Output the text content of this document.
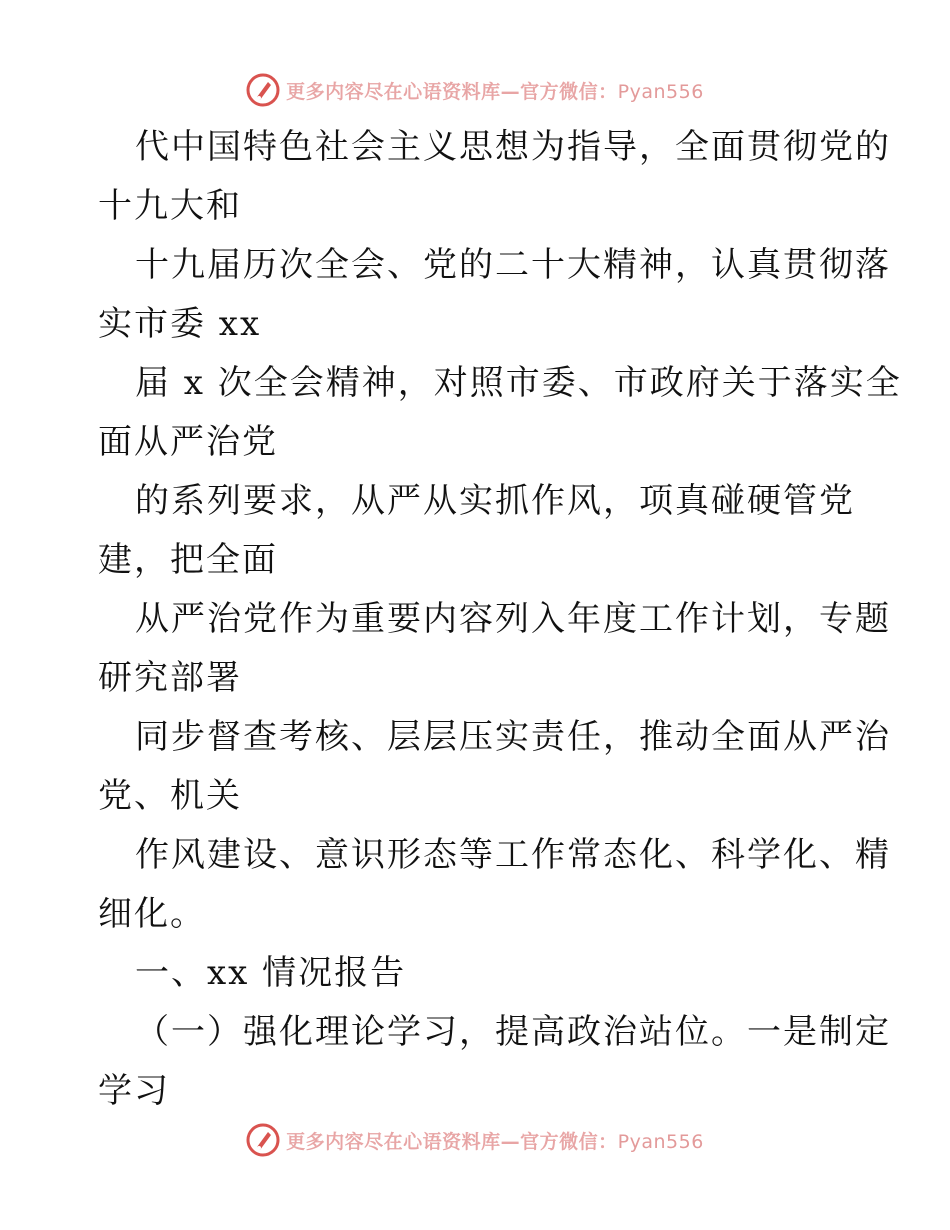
更多内容尽在心语资料库—官方微信：Pyan556
代中国特色社会主义思想为指导，全面贯彻党的
十九大和
十九届历次全会、党的二十大精神，认真贯彻落
实市委 xx
届 x 次全会精神，对照市委、市政府关于落实全
面从严治党
的系列要求，从严从实抓作风，项真碰硬管党
建，把全面
从严治党作为重要内容列入年度工作计划，专题
研究部署
同步督查考核、层层压实责任，推动全面从严治
党、机关
作风建设、意识形态等工作常态化、科学化、精
细化。
一、xx 情况报告
（一）强化理论学习，提高政治站位。一是制定
学习
更多内容尽在心语资料库—官方微信：Pyan556
